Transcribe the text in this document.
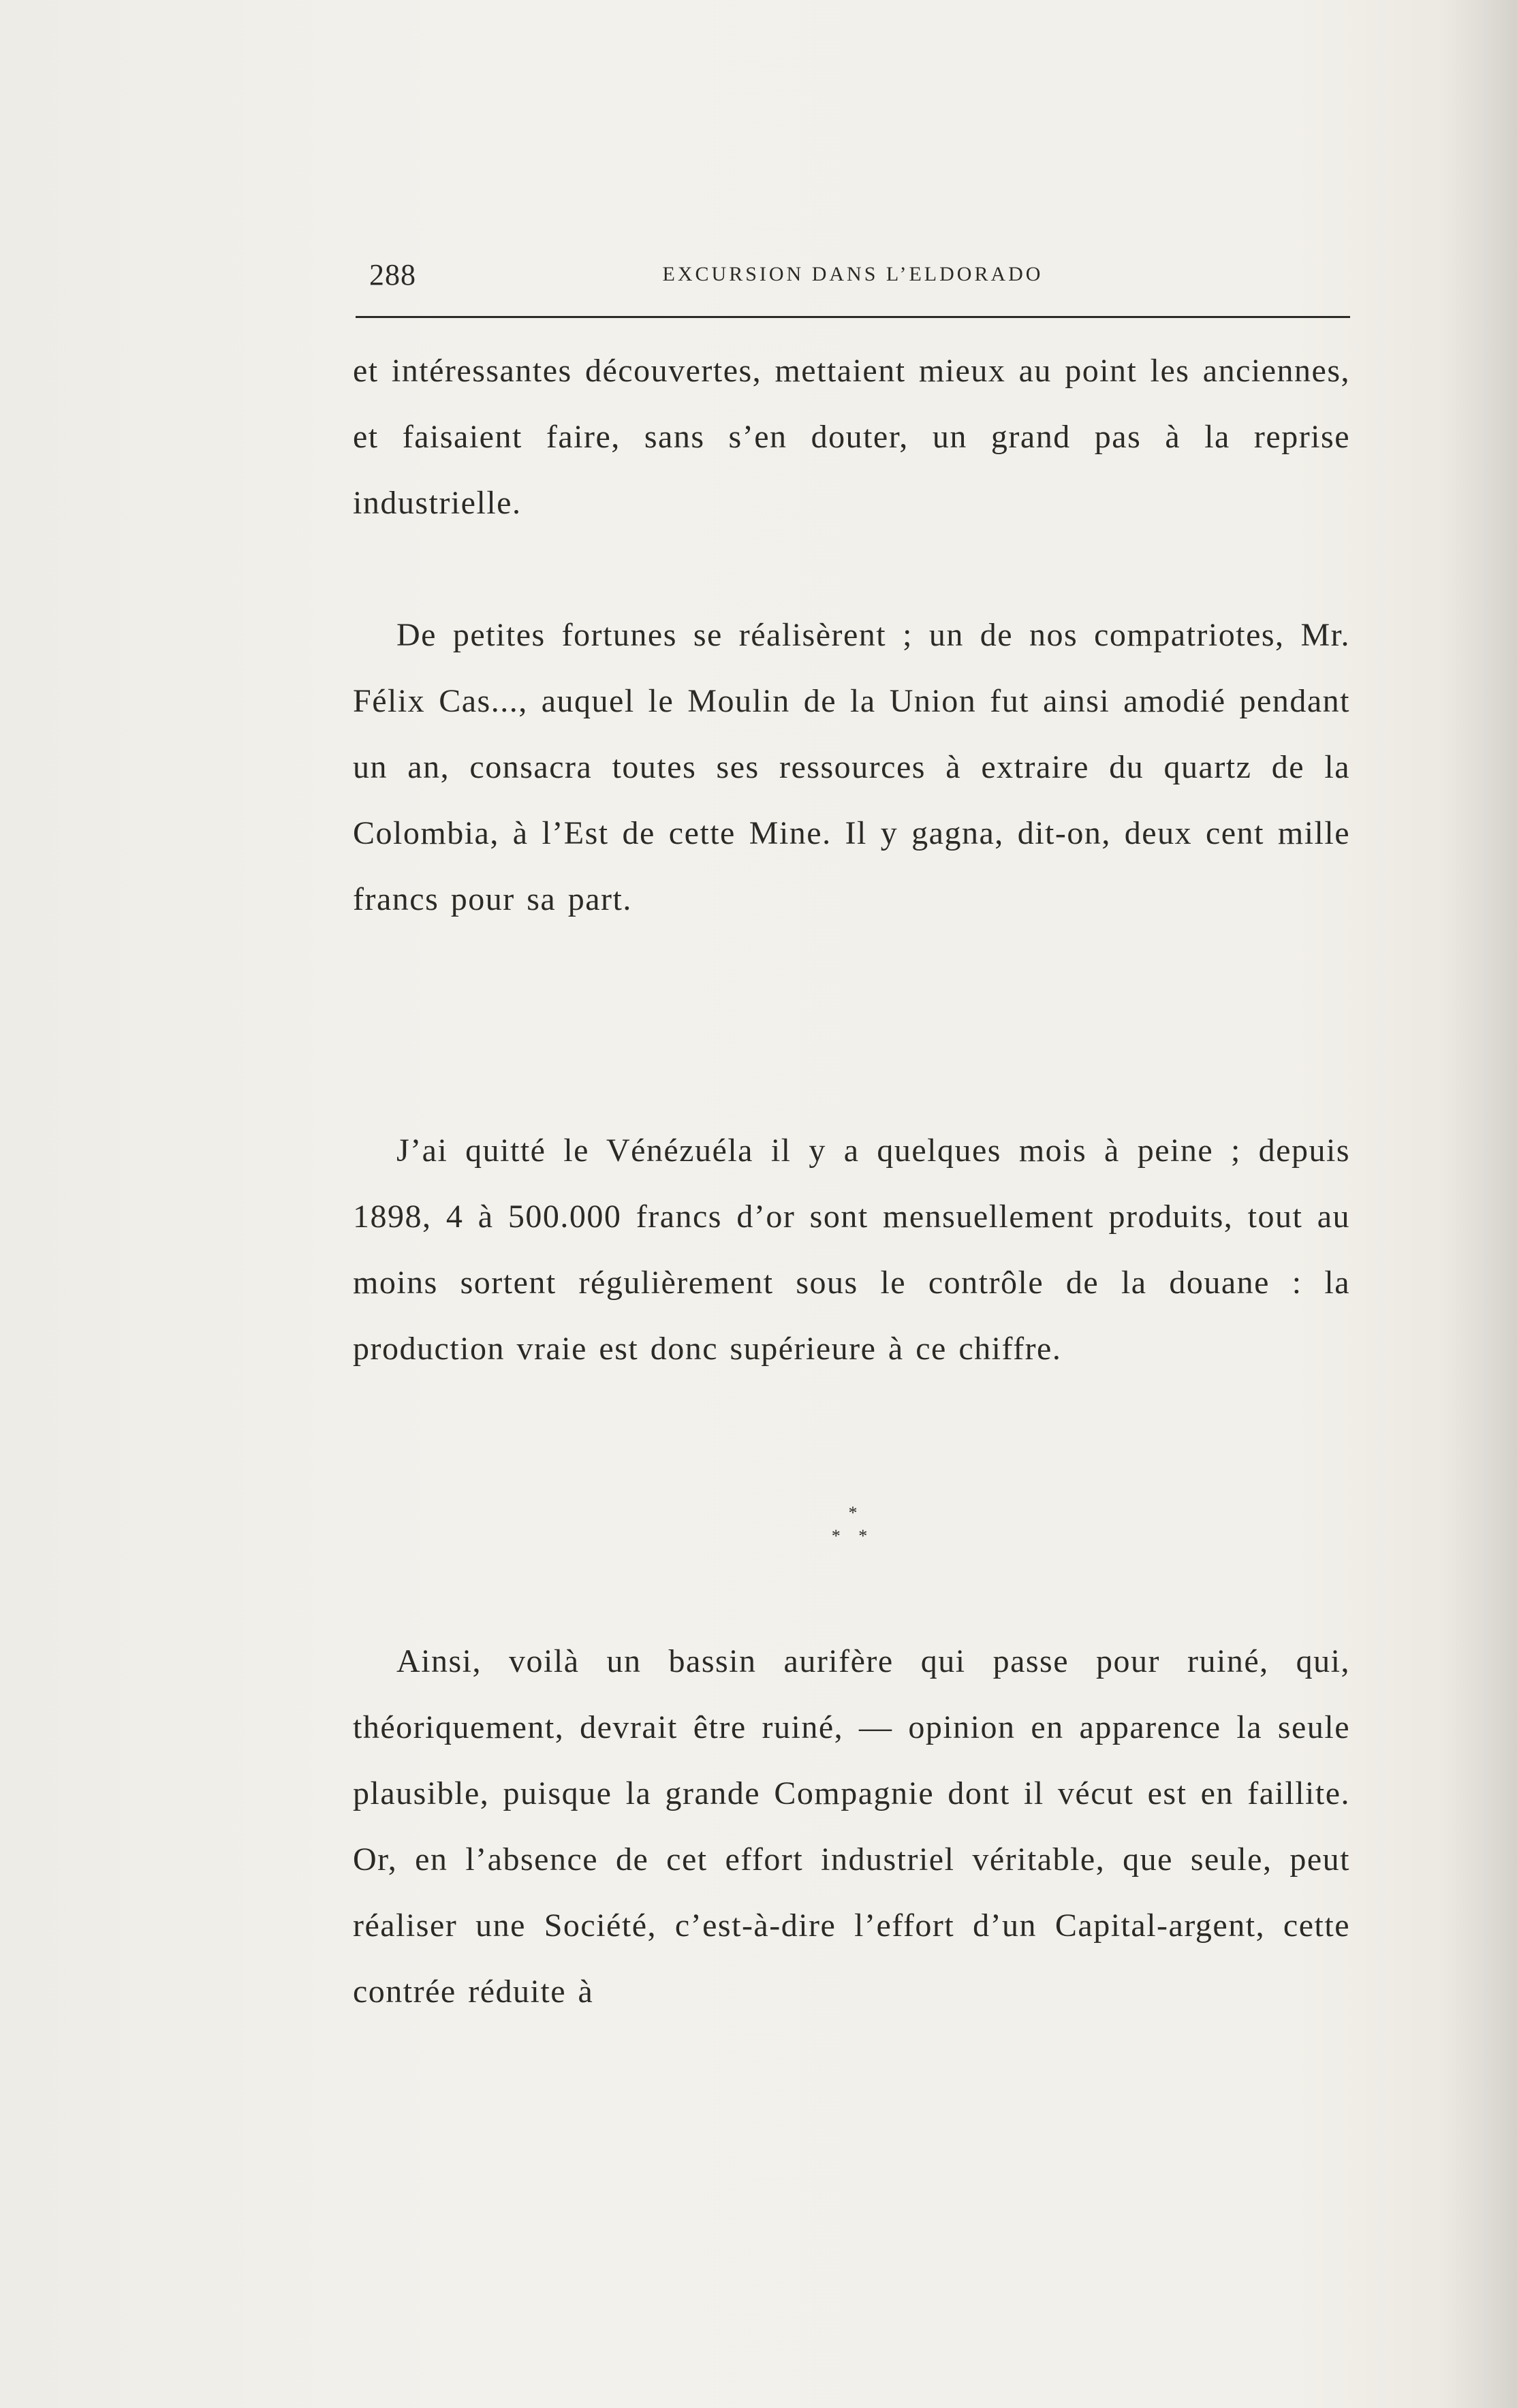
288	EXCURSION DANS L’ELDORADO

et intéressantes découvertes, mettaient mieux au point les anciennes, et faisaient faire, sans s’en douter, un grand pas à la reprise industrielle.

De petites fortunes se réalisèrent ; un de nos compatriotes, Mr. Félix Cas..., auquel le Moulin de la Union fut ainsi amodié pendant un an, consacra toutes ses ressources à extraire du quartz de la Colombia, à l’Est de cette Mine. Il y gagna, dit-on, deux cent mille francs pour sa part.

J’ai quitté le Vénézuéla il y a quelques mois à peine ; depuis 1898, 4 à 500.000 francs d’or sont mensuellement produits, tout au moins sortent régulièrement sous le contrôle de la douane : la production vraie est donc supérieure à ce chiffre.

*
* *

Ainsi, voilà un bassin aurifère qui passe pour ruiné, qui, théoriquement, devrait être ruiné, — opinion en apparence la seule plausible, puisque la grande Compagnie dont il vécut est en faillite. Or, en l’absence de cet effort industriel véritable, que seule, peut réaliser une Société, c’est-à-dire l’effort d’un Capital-argent, cette contrée réduite à
